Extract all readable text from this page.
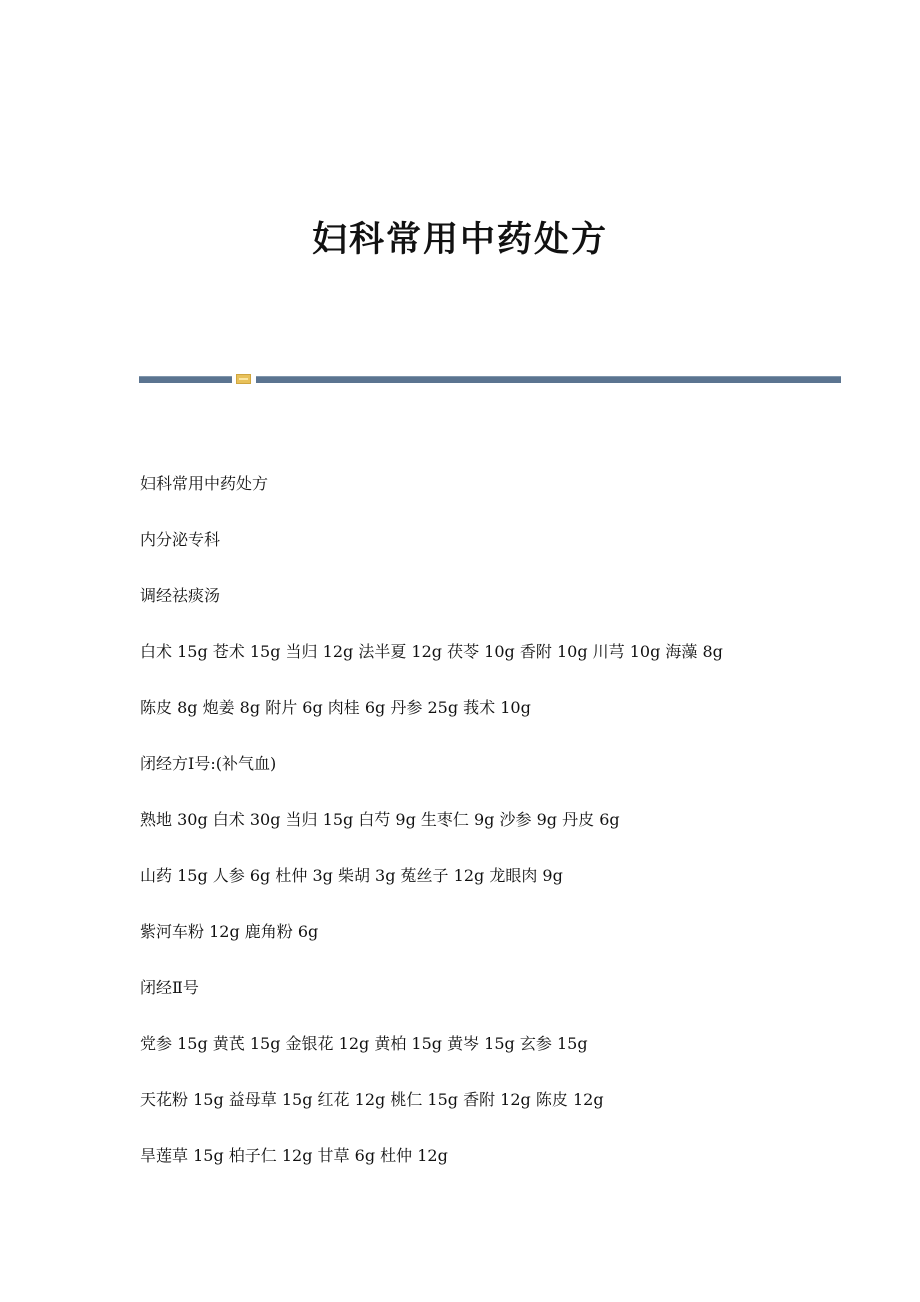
妇科常用中药处方
妇科常用中药处方
内分泌专科
调经祛痰汤
白术 15g 苍术 15g 当归 12g 法半夏 12g 茯苓 10g 香附 10g 川芎 10g 海藻 8g
陈皮 8g 炮姜 8g 附片 6g 肉桂 6g 丹参 25g 莪术 10g
闭经方Ⅰ号:(补气血)
熟地 30g 白术 30g 当归 15g 白芍 9g 生枣仁 9g 沙参 9g 丹皮 6g
山药 15g 人参 6g 杜仲 3g 柴胡 3g 菟丝子 12g 龙眼肉 9g
紫河车粉 12g 鹿角粉 6g
闭经Ⅱ号
党参 15g 黄芪 15g 金银花 12g 黄柏 15g 黄岑 15g 玄参 15g
天花粉 15g 益母草 15g 红花 12g 桃仁 15g 香附 12g 陈皮 12g
旱莲草 15g 柏子仁 12g 甘草 6g 杜仲 12g
